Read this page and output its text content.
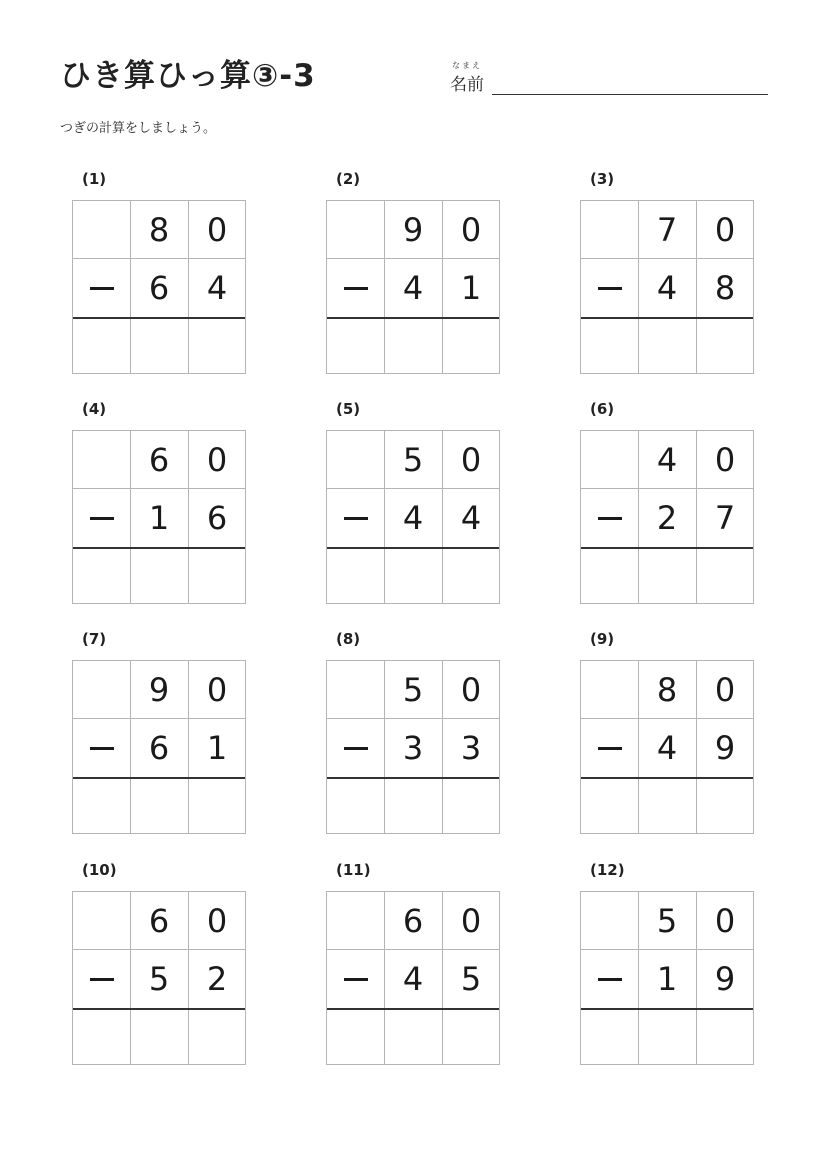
ひき算ひっ算③-3	なまえ
名前
つぎの計算をしましょう。
(1)
8	0
6	4
(2)
9	0
4	1
(3)
7	0
4	8
(4)
6	0
1	6
(5)
5	0
4	4
(6)
4	0
2	7
(7)
9	0
6	1
(8)
5	0
3	3
(9)
8	0
4	9
(10)
6	0
5	2
(11)
6	0
4	5
(12)
5	0
1	9
